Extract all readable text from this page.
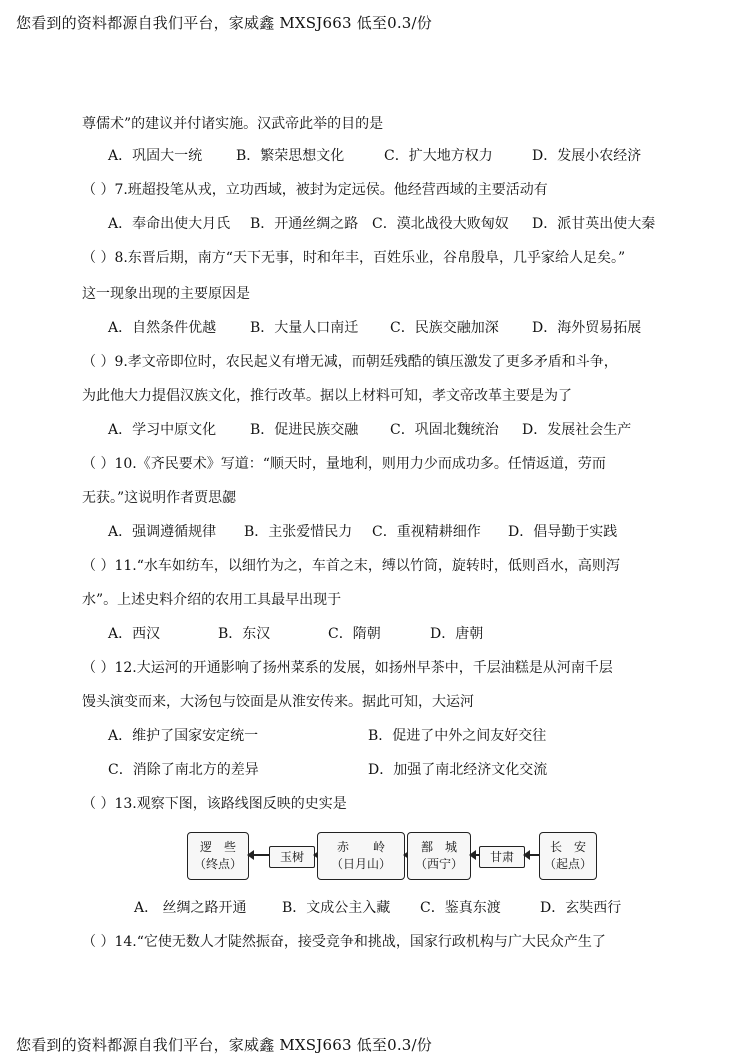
您看到的资料都源自我们平台，家威鑫 MXSJ663 低至0.3/份
尊儒术”的建议并付诸实施。汉武帝此举的目的是
A．巩固大一统 B．繁荣思想文化	C．扩大地方权力	D．发展小农经济
（ ）7.班超投笔从戎，立功西域，被封为定远侯。他经营西域的主要活动有
A．奉命出使大月氏 B．开通丝绸之路 C．漠北战役大败匈奴 D．派甘英出使大秦
（ ）8.东晋后期，南方“天下无事，时和年丰，百姓乐业，谷帛殷阜，几乎家给人足矣。”
这一现象出现的主要原因是
A．自然条件优越 B．大量人口南迁 C．民族交融加深 D．海外贸易拓展
（ ）9.孝文帝即位时，农民起义有增无减，而朝廷残酷的镇压激发了更多矛盾和斗争，
为此他大力提倡汉族文化，推行改革。据以上材料可知，孝文帝改革主要是为了
A．学习中原文化 B．促进民族交融 C．巩固北魏统治 D．发展社会生产
（ ）10.《齐民要术》写道：“顺天时，量地利，则用力少而成功多。任情返道，劳而
无获。”这说明作者贾思勰
A．强调遵循规律 B．主张爱惜民力 C．重视精耕细作 D．倡导勤于实践
（ ）11.“水车如纺车，以细竹为之，车首之末，缚以竹筒，旋转时，低则舀水，高则泻
水”。上述史料介绍的农用工具最早出现于
A．西汉	B．东汉	C．隋朝	D．唐朝
（ ）12.大运河的开通影响了扬州菜系的发展，如扬州早茶中，千层油糕是从河南千层
馒头演变而来，大汤包与饺面是从淮安传来。据此可知，大运河
A．维护了国家安定统一	B．促进了中外之间友好交往
C．消除了南北方的差异	D．加强了南北经济文化交流
（ ）13.观察下图，该路线图反映的史实是
逻　些
（终点）	玉树
赤　　岭
（日月山）
鄯　城
（西宁）	甘肃
长　安
（起点）
A． 丝绸之路开通	B．文成公主入藏 C．鉴真东渡	D．玄奘西行
（ ）14.“它使无数人才陡然振奋，接受竞争和挑战，国家行政机构与广大民众产生了
您看到的资料都源自我们平台，家威鑫 MXSJ663 低至0.3/份
